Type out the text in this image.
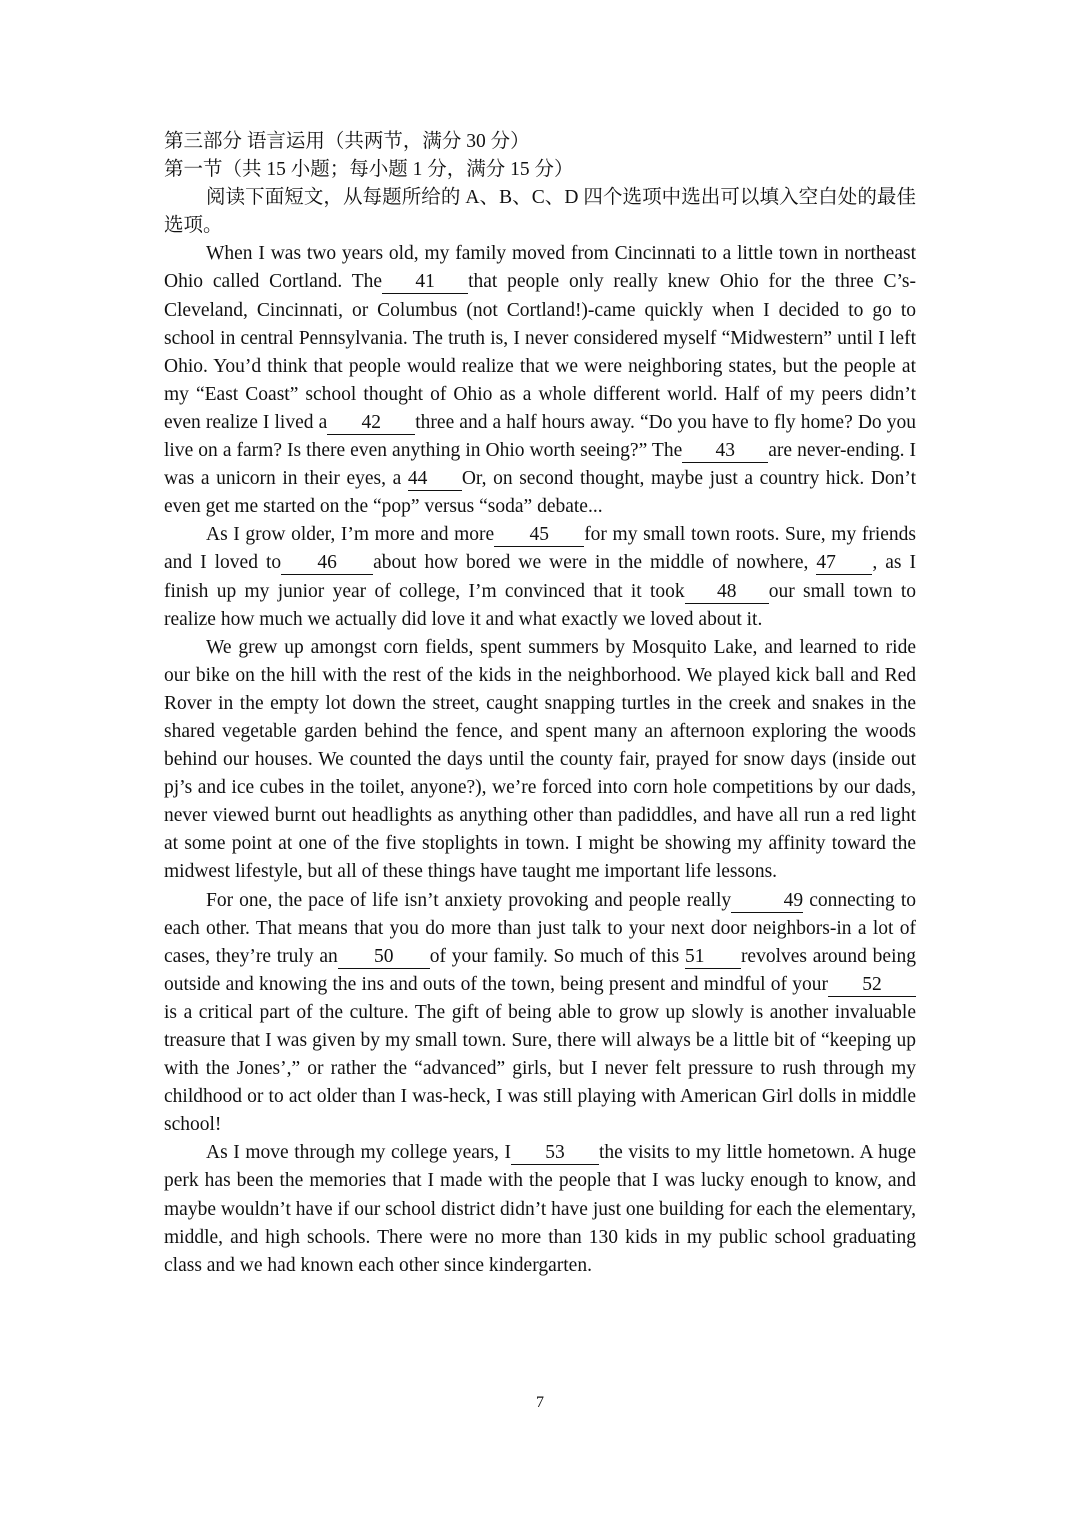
第三部分 语言运用（共两节，满分 30 分）
第一节（共 15 小题；每小题 1 分，满分 15 分）

阅读下面短文，从每题所给的 A、B、C、D 四个选项中选出可以填入空白处的最佳选项。

When I was two years old, my family moved from Cincinnati to a little town in northeast Ohio called Cortland. The 41 that people only really knew Ohio for the three C’s-Cleveland, Cincinnati, or Columbus (not Cortland!)-came quickly when I decided to go to school in central Pennsylvania. The truth is, I never considered myself “Midwestern” until I left Ohio. You’d think that people would realize that we were neighboring states, but the people at my “East Coast” school thought of Ohio as a whole different world. Half of my peers didn’t even realize I lived a 42 three and a half hours away. “Do you have to fly home? Do you live on a farm? Is there even anything in Ohio worth seeing?” The 43 are never-ending. I was a unicorn in their eyes, a 44 Or, on second thought, maybe just a country hick. Don’t even get me started on the “pop” versus “soda” debate...

As I grow older, I’m more and more 45 for my small town roots. Sure, my friends and I loved to 46 about how bored we were in the middle of nowhere, 47 , as I finish up my junior year of college, I’m convinced that it took 48 our small town to realize how much we actually did love it and what exactly we loved about it.

We grew up amongst corn fields, spent summers by Mosquito Lake, and learned to ride our bike on the hill with the rest of the kids in the neighborhood. We played kick ball and Red Rover in the empty lot down the street, caught snapping turtles in the creek and snakes in the shared vegetable garden behind the fence, and spent many an afternoon exploring the woods behind our houses. We counted the days until the county fair, prayed for snow days (inside out pj’s and ice cubes in the toilet, anyone?), we’re forced into corn hole competitions by our dads, never viewed burnt out headlights as anything other than padiddles, and have all run a red light at some point at one of the five stoplights in town. I might be showing my affinity toward the midwest lifestyle, but all of these things have taught me important life lessons.

For one, the pace of life isn’t anxiety provoking and people really	49 connecting to each other. That means that you do more than just talk to your next door neighbors-in a lot of cases, they’re truly an 50 of your family. So much of this 51 revolves around being outside and knowing the ins and outs of the town, being present and mindful of your 52is a critical part of the culture. The gift of being able to grow up slowly is another invaluable treasure that I was given by my small town. Sure, there will always be a little bit of “keeping up with the Jones’,” or rather the “advanced” girls, but I never felt pressure to rush through my childhood or to act older than I was-heck, I was still playing with American Girl dolls in middle school!

As I move through my college years, I 53 the visits to my little hometown. A huge perk has been the memories that I made with the people that I was lucky enough to know, and maybe wouldn’t have if our school district didn’t have just one building for each the elementary, middle, and high schools. There were no more than 130 kids in my public school graduating class and we had known each other since kindergarten.

7
